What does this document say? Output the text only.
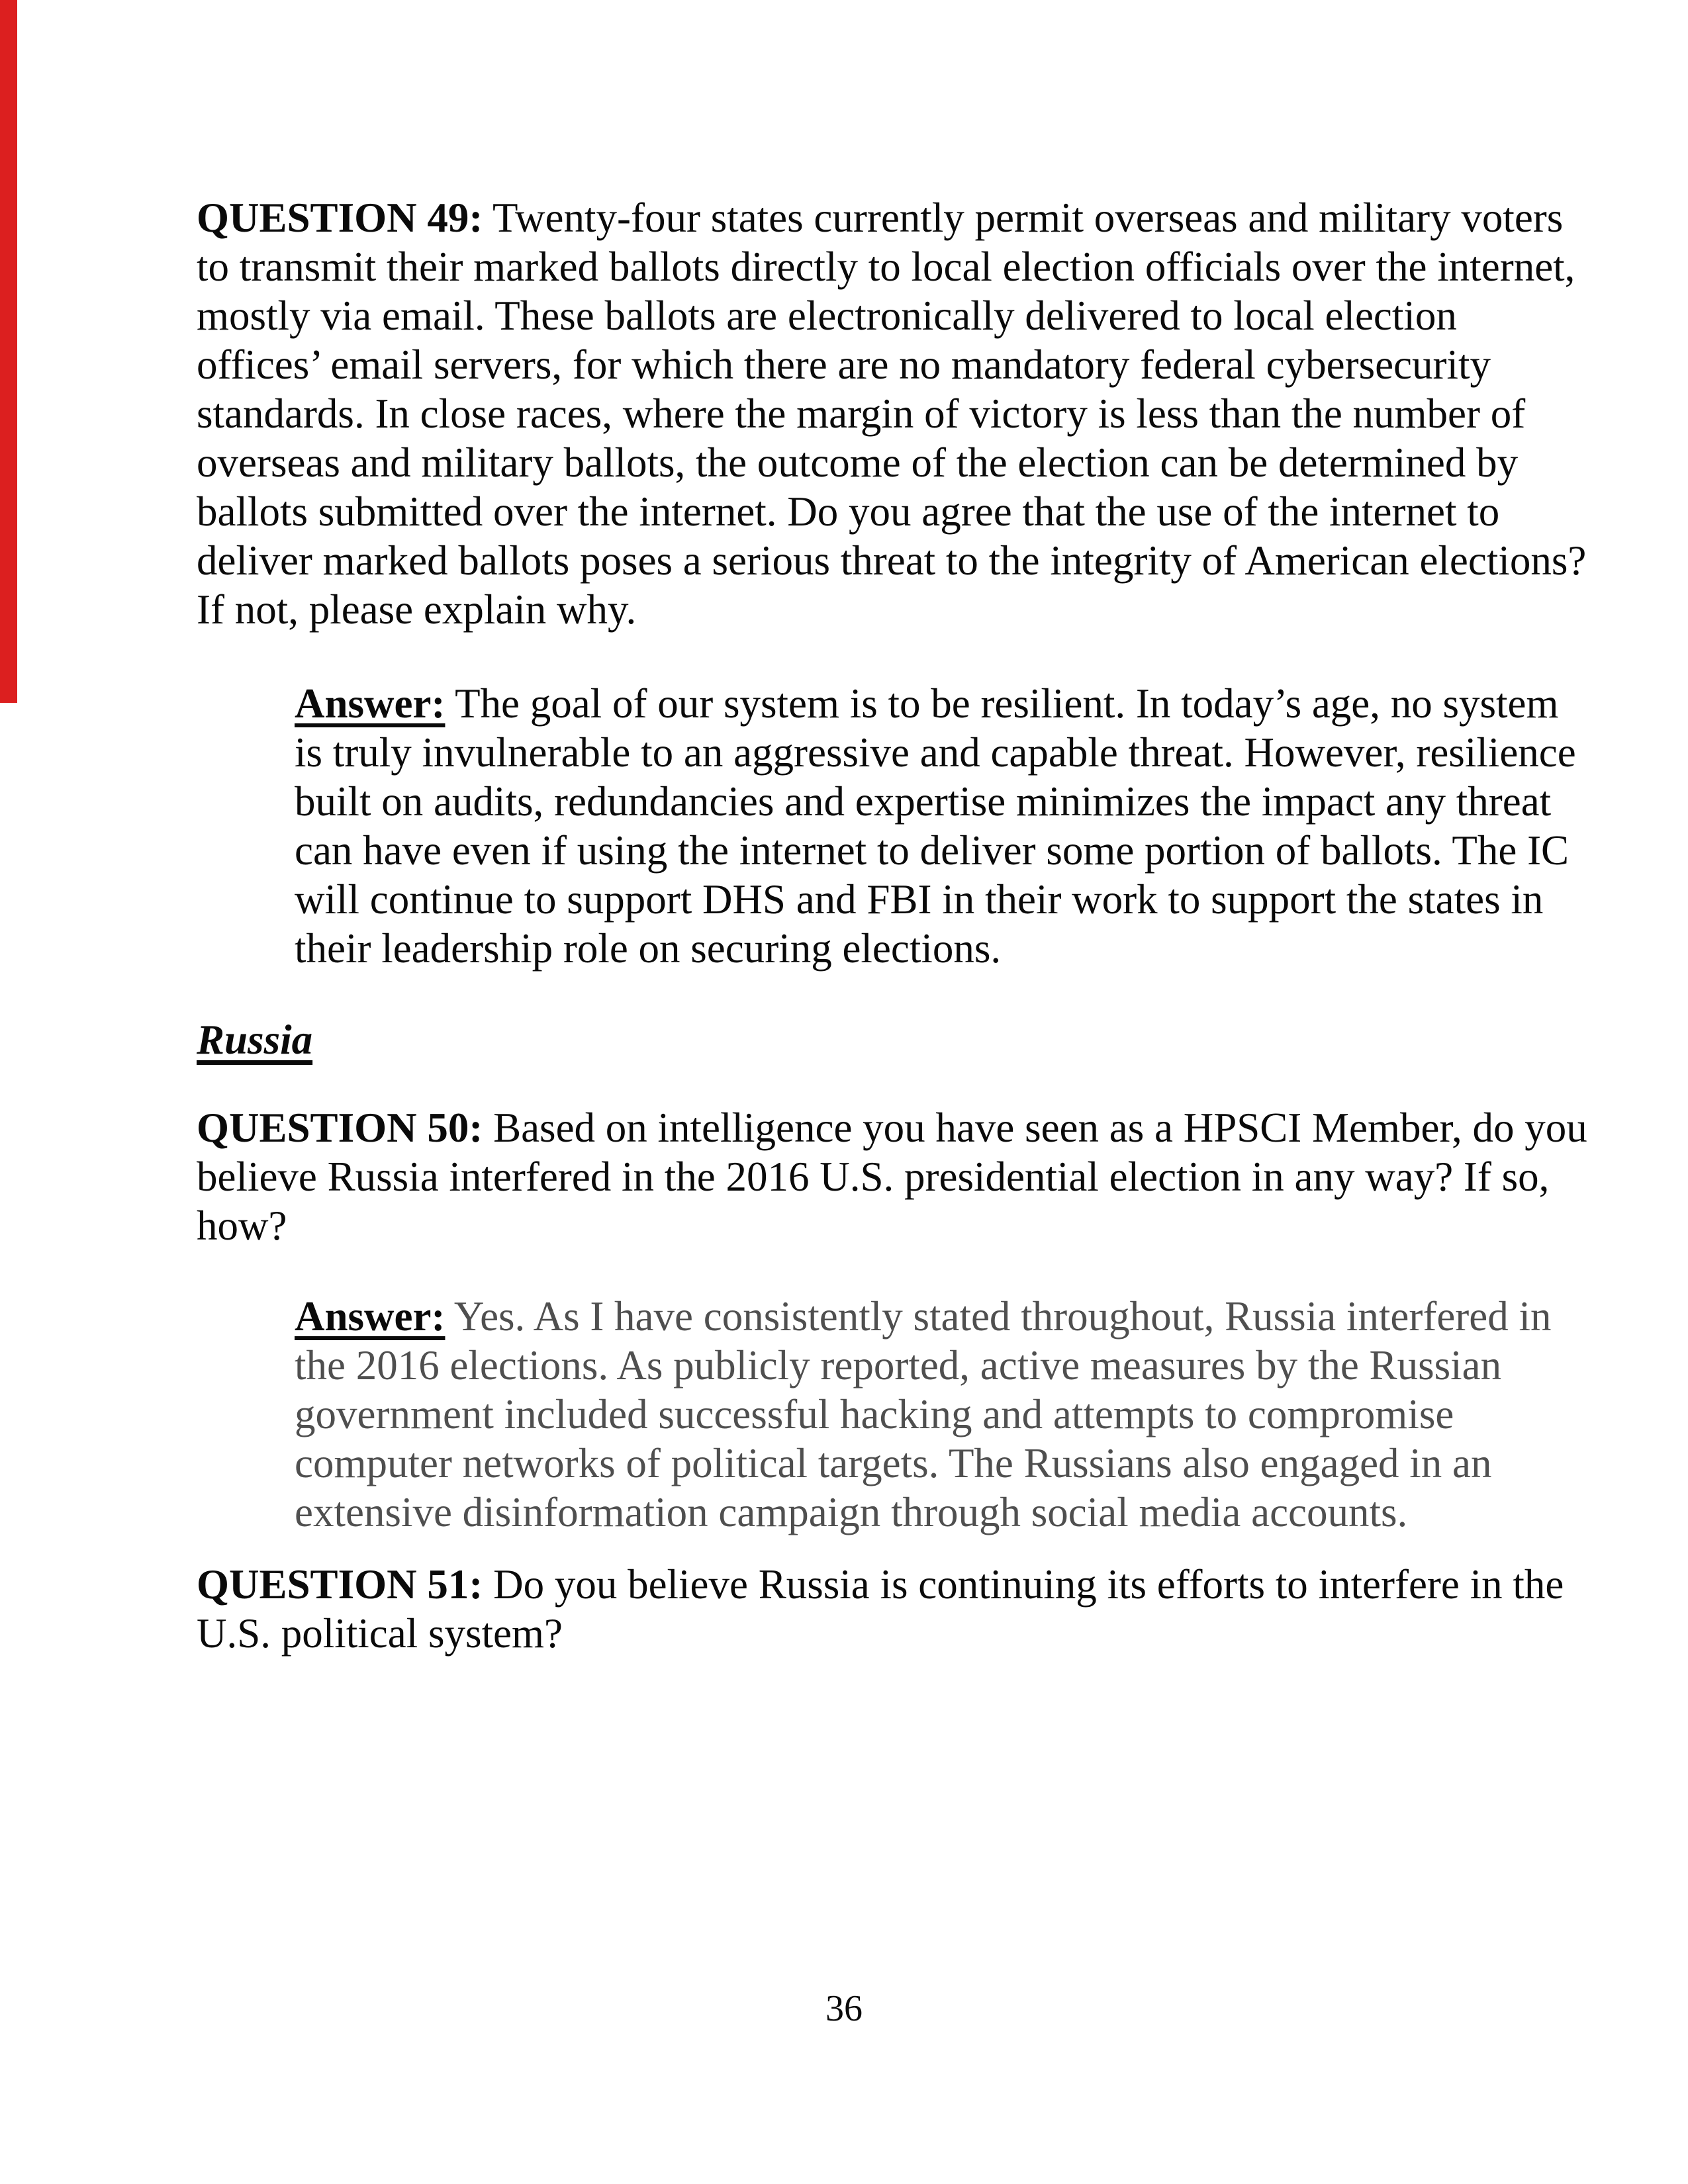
QUESTION 49: Twenty-four states currently permit overseas and military voters
to transmit their marked ballots directly to local election officials over the internet,
mostly via email. These ballots are electronically delivered to local election
offices’ email servers, for which there are no mandatory federal cybersecurity
standards. In close races, where the margin of victory is less than the number of
overseas and military ballots, the outcome of the election can be determined by
ballots submitted over the internet. Do you agree that the use of the internet to
deliver marked ballots poses a serious threat to the integrity of American elections?
If not, please explain why.
Answer: The goal of our system is to be resilient. In today’s age, no system
is truly invulnerable to an aggressive and capable threat. However, resilience
built on audits, redundancies and expertise minimizes the impact any threat
can have even if using the internet to deliver some portion of ballots. The IC
will continue to support DHS and FBI in their work to support the states in
their leadership role on securing elections.
Russia
QUESTION 50: Based on intelligence you have seen as a HPSCI Member, do you
believe Russia interfered in the 2016 U.S. presidential election in any way? If so,
how?
Answer: Yes. As I have consistently stated throughout, Russia interfered in
the 2016 elections. As publicly reported, active measures by the Russian
government included successful hacking and attempts to compromise
computer networks of political targets. The Russians also engaged in an
extensive disinformation campaign through social media accounts.
QUESTION 51: Do you believe Russia is continuing its efforts to interfere in the
U.S. political system?
36
